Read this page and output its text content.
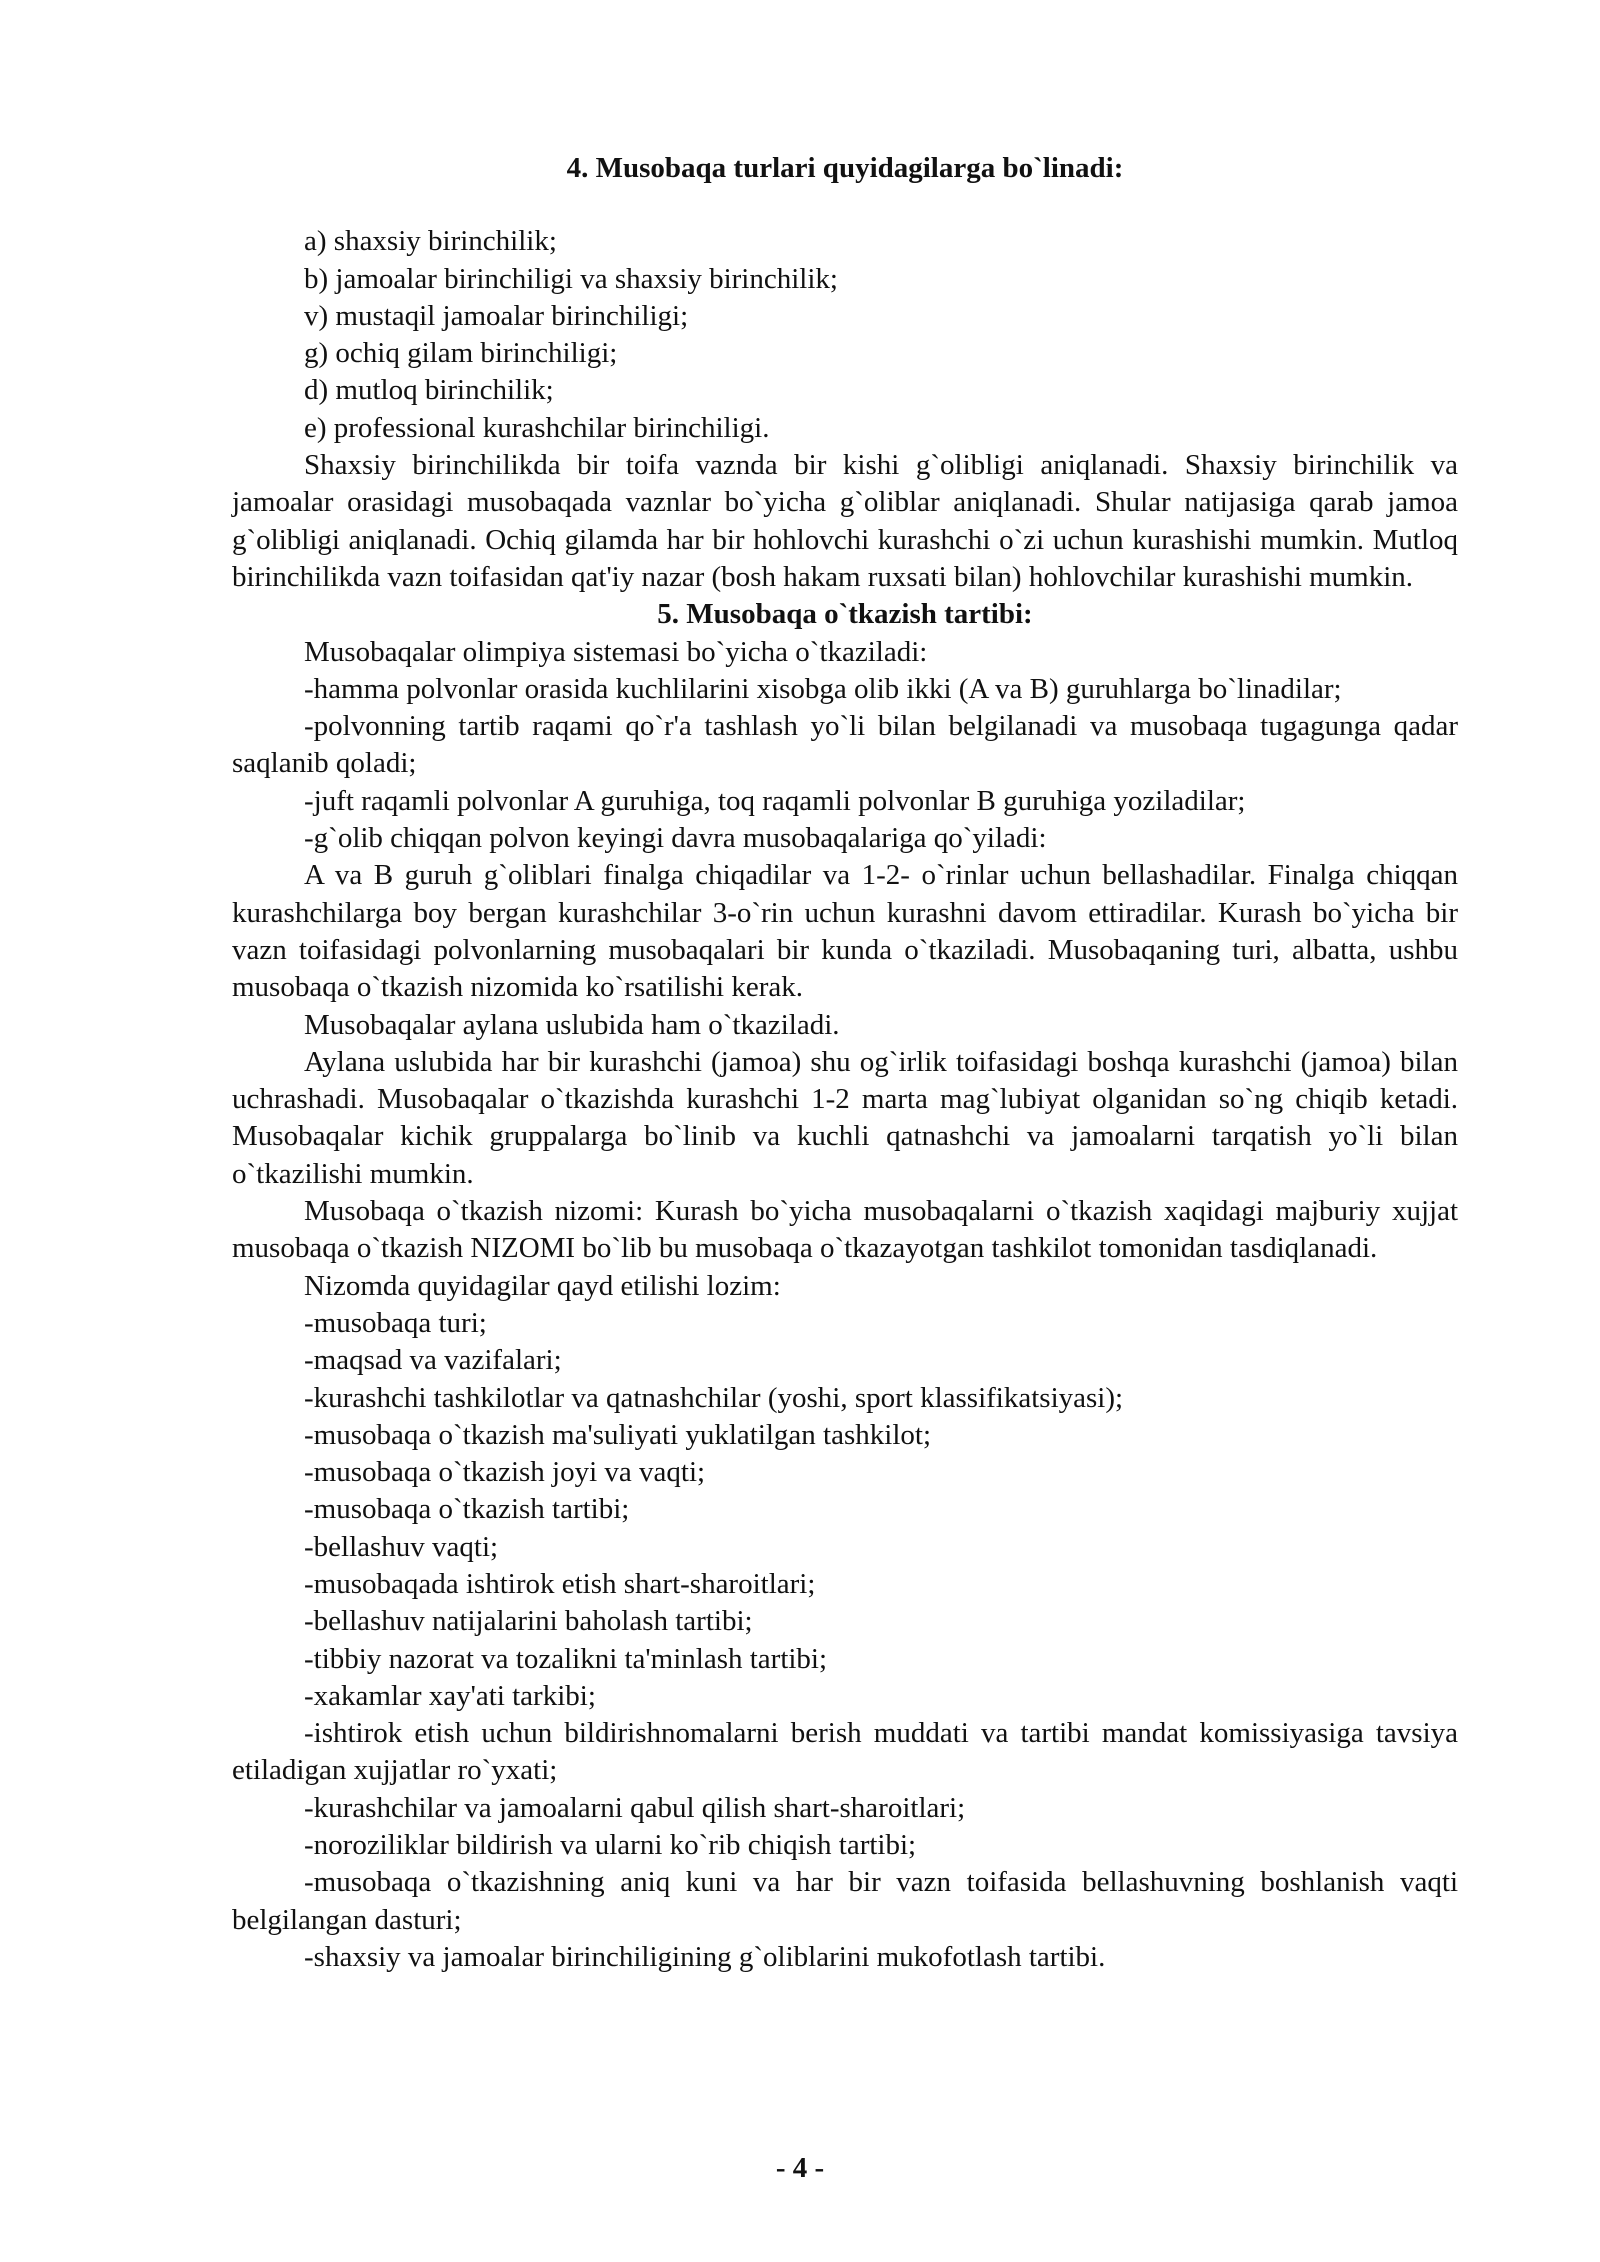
4. Musobaqa turlari quyidagilarga bo`linadi:

a) shaxsiy birinchilik;
b) jamoalar birinchiligi va shaxsiy birinchilik;
v) mustaqil jamoalar birinchiligi;
g) ochiq gilam birinchiligi;
d) mutloq birinchilik;
e) professional kurashchilar birinchiligi.

Shaxsiy birinchilikda bir toifa vaznda bir kishi g`olibligi aniqlanadi. Shaxsiy birinchilik va jamoalar orasidagi musobaqada vaznlar bo`yicha g`oliblar aniqlanadi. Shular natijasiga qarab jamoa g`olibligi aniqlanadi. Ochiq gilamda har bir hohlovchi kurashchi o`zi uchun kurashishi mumkin. Mutloq birinchilikda vazn toifasidan qat'iy nazar (bosh hakam ruxsati bilan) hohlovchilar kurashishi mumkin.

5. Musobaqa o`tkazish tartibi:

Musobaqalar olimpiya sistemasi bo`yicha o`tkaziladi:

-hamma polvonlar orasida kuchlilarini xisobga olib ikki (A va B) guruhlarga bo`linadilar;

-polvonning tartib raqami qo`r'a tashlash yo`li bilan belgilanadi va musobaqa tugagunga qadar saqlanib qoladi;

-juft raqamli polvonlar A guruhiga, toq raqamli polvonlar B guruhiga yoziladilar;

-g`olib chiqqan polvon keyingi davra musobaqalariga qo`yiladi:

A va B guruh g`oliblari finalga chiqadilar va 1-2- o`rinlar uchun bellashadilar. Finalga chiqqan kurashchilarga boy bergan kurashchilar 3-o`rin uchun kurashni davom ettiradilar. Kurash bo`yicha bir vazn toifasidagi polvonlarning musobaqalari bir kunda o`tkaziladi. Musobaqaning turi, albatta, ushbu musobaqa o`tkazish nizomida ko`rsatilishi kerak.

Musobaqalar aylana uslubida ham o`tkaziladi.

Aylana uslubida har bir kurashchi (jamoa) shu og`irlik toifasidagi boshqa kurashchi (jamoa) bilan uchrashadi. Musobaqalar o`tkazishda kurashchi 1-2 marta mag`lubiyat olganidan so`ng chiqib ketadi. Musobaqalar kichik gruppalarga bo`linib va kuchli qatnashchi va jamoalarni tarqatish yo`li bilan o`tkazilishi mumkin.

Musobaqa o`tkazish nizomi: Kurash bo`yicha musobaqalarni o`tkazish xaqidagi majburiy xujjat musobaqa o`tkazish NIZOMI bo`lib bu musobaqa o`tkazayotgan tashkilot tomonidan tasdiqlanadi.

Nizomda quyidagilar qayd etilishi lozim:

-musobaqa turi;

-maqsad va vazifalari;

-kurashchi tashkilotlar va qatnashchilar (yoshi, sport klassifikatsiyasi);

-musobaqa o`tkazish ma'suliyati yuklatilgan tashkilot;

-musobaqa o`tkazish joyi va vaqti;

-musobaqa o`tkazish tartibi;

-bellashuv vaqti;

-musobaqada ishtirok etish shart-sharoitlari;

-bellashuv natijalarini baholash tartibi;

-tibbiy nazorat va tozalikni ta'minlash tartibi;

-xakamlar xay'ati tarkibi;

-ishtirok etish uchun bildirishnomalarni berish muddati va tartibi mandat komissiyasiga tavsiya etiladigan xujjatlar ro`yxati;

-kurashchilar va jamoalarni qabul qilish shart-sharoitlari;

-noroziliklar bildirish va ularni ko`rib chiqish tartibi;

-musobaqa o`tkazishning aniq kuni va har bir vazn toifasida bellashuvning boshlanish vaqti belgilangan dasturi;

-shaxsiy va jamoalar birinchiligining g`oliblarini mukofotlash tartibi.

- 4 -
